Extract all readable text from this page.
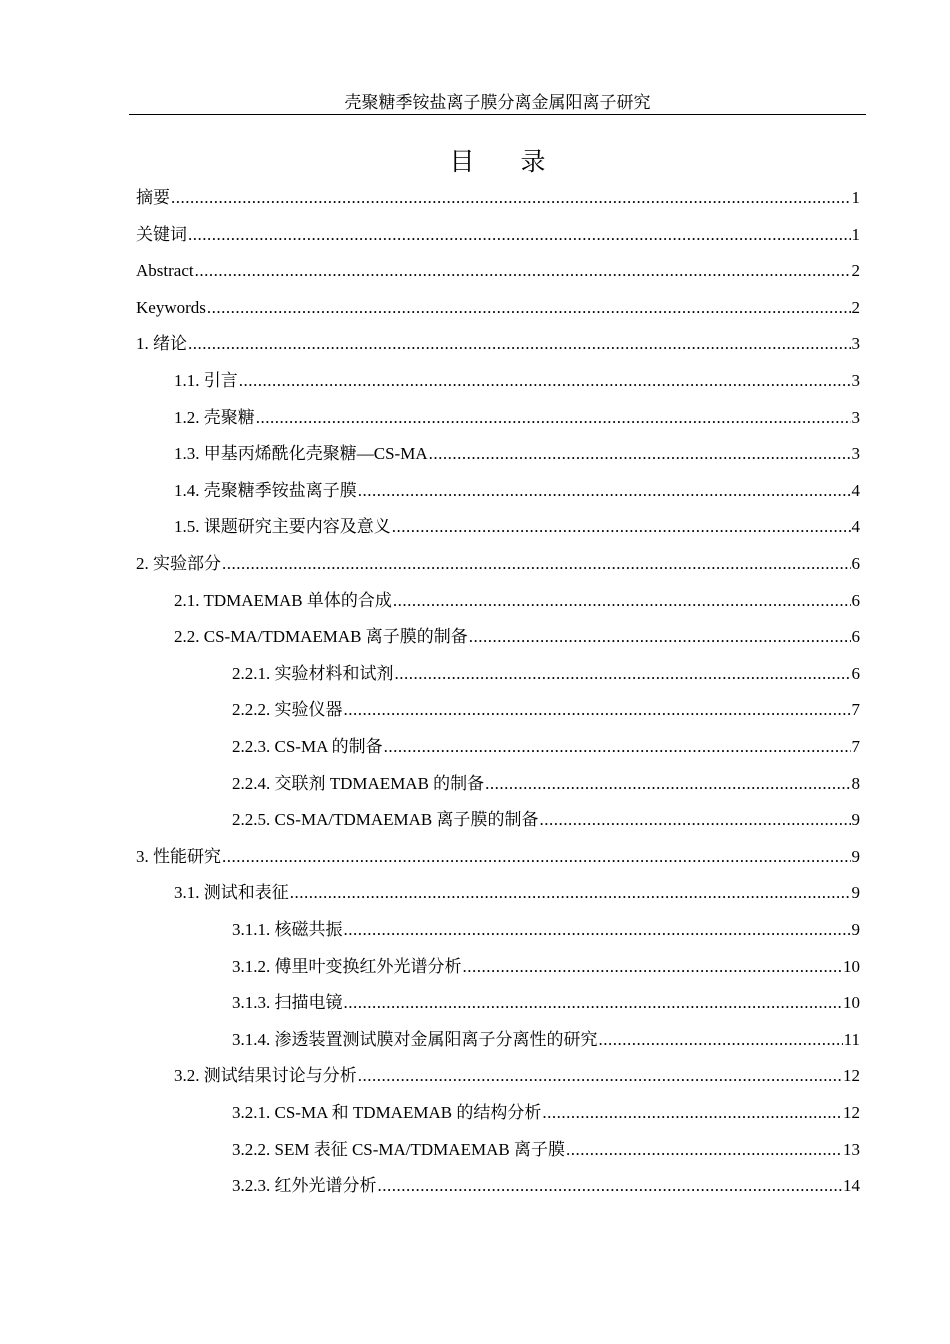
壳聚糖季铵盐离子膜分离金属阳离子研究
目录
摘要 .....	1
关键词 .....	1
Abstract .....	2
Keywords .....	2
1. 绪论 .....	3
1.1. 引言 .....	3
1.2. 壳聚糖 .....	3
1.3. 甲基丙烯酰化壳聚糖—CS-MA .....	3
1.4. 壳聚糖季铵盐离子膜 .....	4
1.5. 课题研究主要内容及意义 .....	4
2. 实验部分 .....	6
2.1. TDMAEMAB 单体的合成 .....	6
2.2. CS-MA/TDMAEMAB 离子膜的制备 .....	6
2.2.1. 实验材料和试剂 .....	6
2.2.2. 实验仪器 .....	7
2.2.3. CS-MA 的制备 .....	7
2.2.4. 交联剂 TDMAEMAB 的制备 .....	8
2.2.5. CS-MA/TDMAEMAB 离子膜的制备 .....	9
3. 性能研究 .....	9
3.1. 测试和表征 .....	9
3.1.1. 核磁共振 .....	9
3.1.2. 傅里叶变换红外光谱分析 .....	10
3.1.3. 扫描电镜 .....	10
3.1.4. 渗透装置测试膜对金属阳离子分离性的研究 .....	11
3.2. 测试结果讨论与分析 .....	12
3.2.1. CS-MA 和 TDMAEMAB 的结构分析 .....	12
3.2.2. SEM 表征 CS-MA/TDMAEMAB 离子膜 .....	13
3.2.3. 红外光谱分析 .....	14
